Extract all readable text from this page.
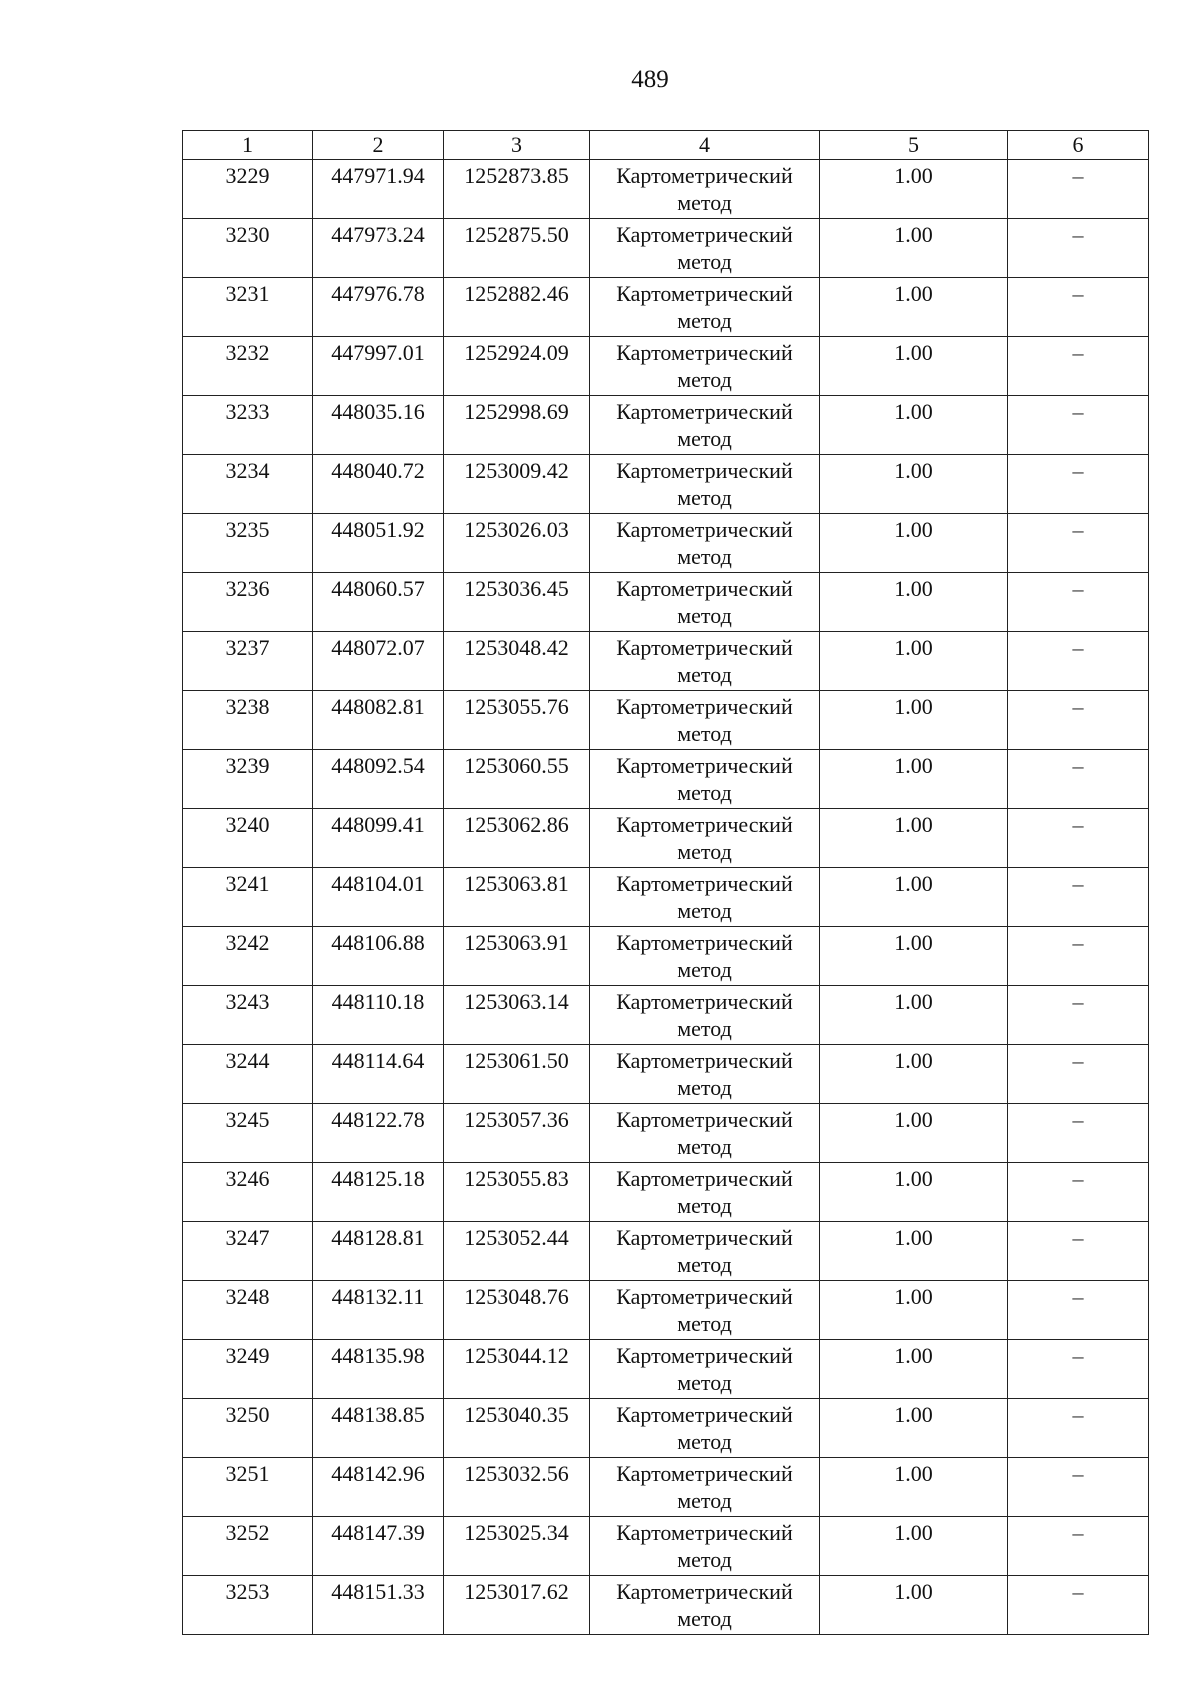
489
1	2	3	4	5	6
3229	447971.94	1252873.85	Картометрический метод	1.00	–
3230	447973.24	1252875.50	Картометрический метод	1.00	–
3231	447976.78	1252882.46	Картометрический метод	1.00	–
3232	447997.01	1252924.09	Картометрический метод	1.00	–
3233	448035.16	1252998.69	Картометрический метод	1.00	–
3234	448040.72	1253009.42	Картометрический метод	1.00	–
3235	448051.92	1253026.03	Картометрический метод	1.00	–
3236	448060.57	1253036.45	Картометрический метод	1.00	–
3237	448072.07	1253048.42	Картометрический метод	1.00	–
3238	448082.81	1253055.76	Картометрический метод	1.00	–
3239	448092.54	1253060.55	Картометрический метод	1.00	–
3240	448099.41	1253062.86	Картометрический метод	1.00	–
3241	448104.01	1253063.81	Картометрический метод	1.00	–
3242	448106.88	1253063.91	Картометрический метод	1.00	–
3243	448110.18	1253063.14	Картометрический метод	1.00	–
3244	448114.64	1253061.50	Картометрический метод	1.00	–
3245	448122.78	1253057.36	Картометрический метод	1.00	–
3246	448125.18	1253055.83	Картометрический метод	1.00	–
3247	448128.81	1253052.44	Картометрический метод	1.00	–
3248	448132.11	1253048.76	Картометрический метод	1.00	–
3249	448135.98	1253044.12	Картометрический метод	1.00	–
3250	448138.85	1253040.35	Картометрический метод	1.00	–
3251	448142.96	1253032.56	Картометрический метод	1.00	–
3252	448147.39	1253025.34	Картометрический метод	1.00	–
3253	448151.33	1253017.62	Картометрический метод	1.00	–
